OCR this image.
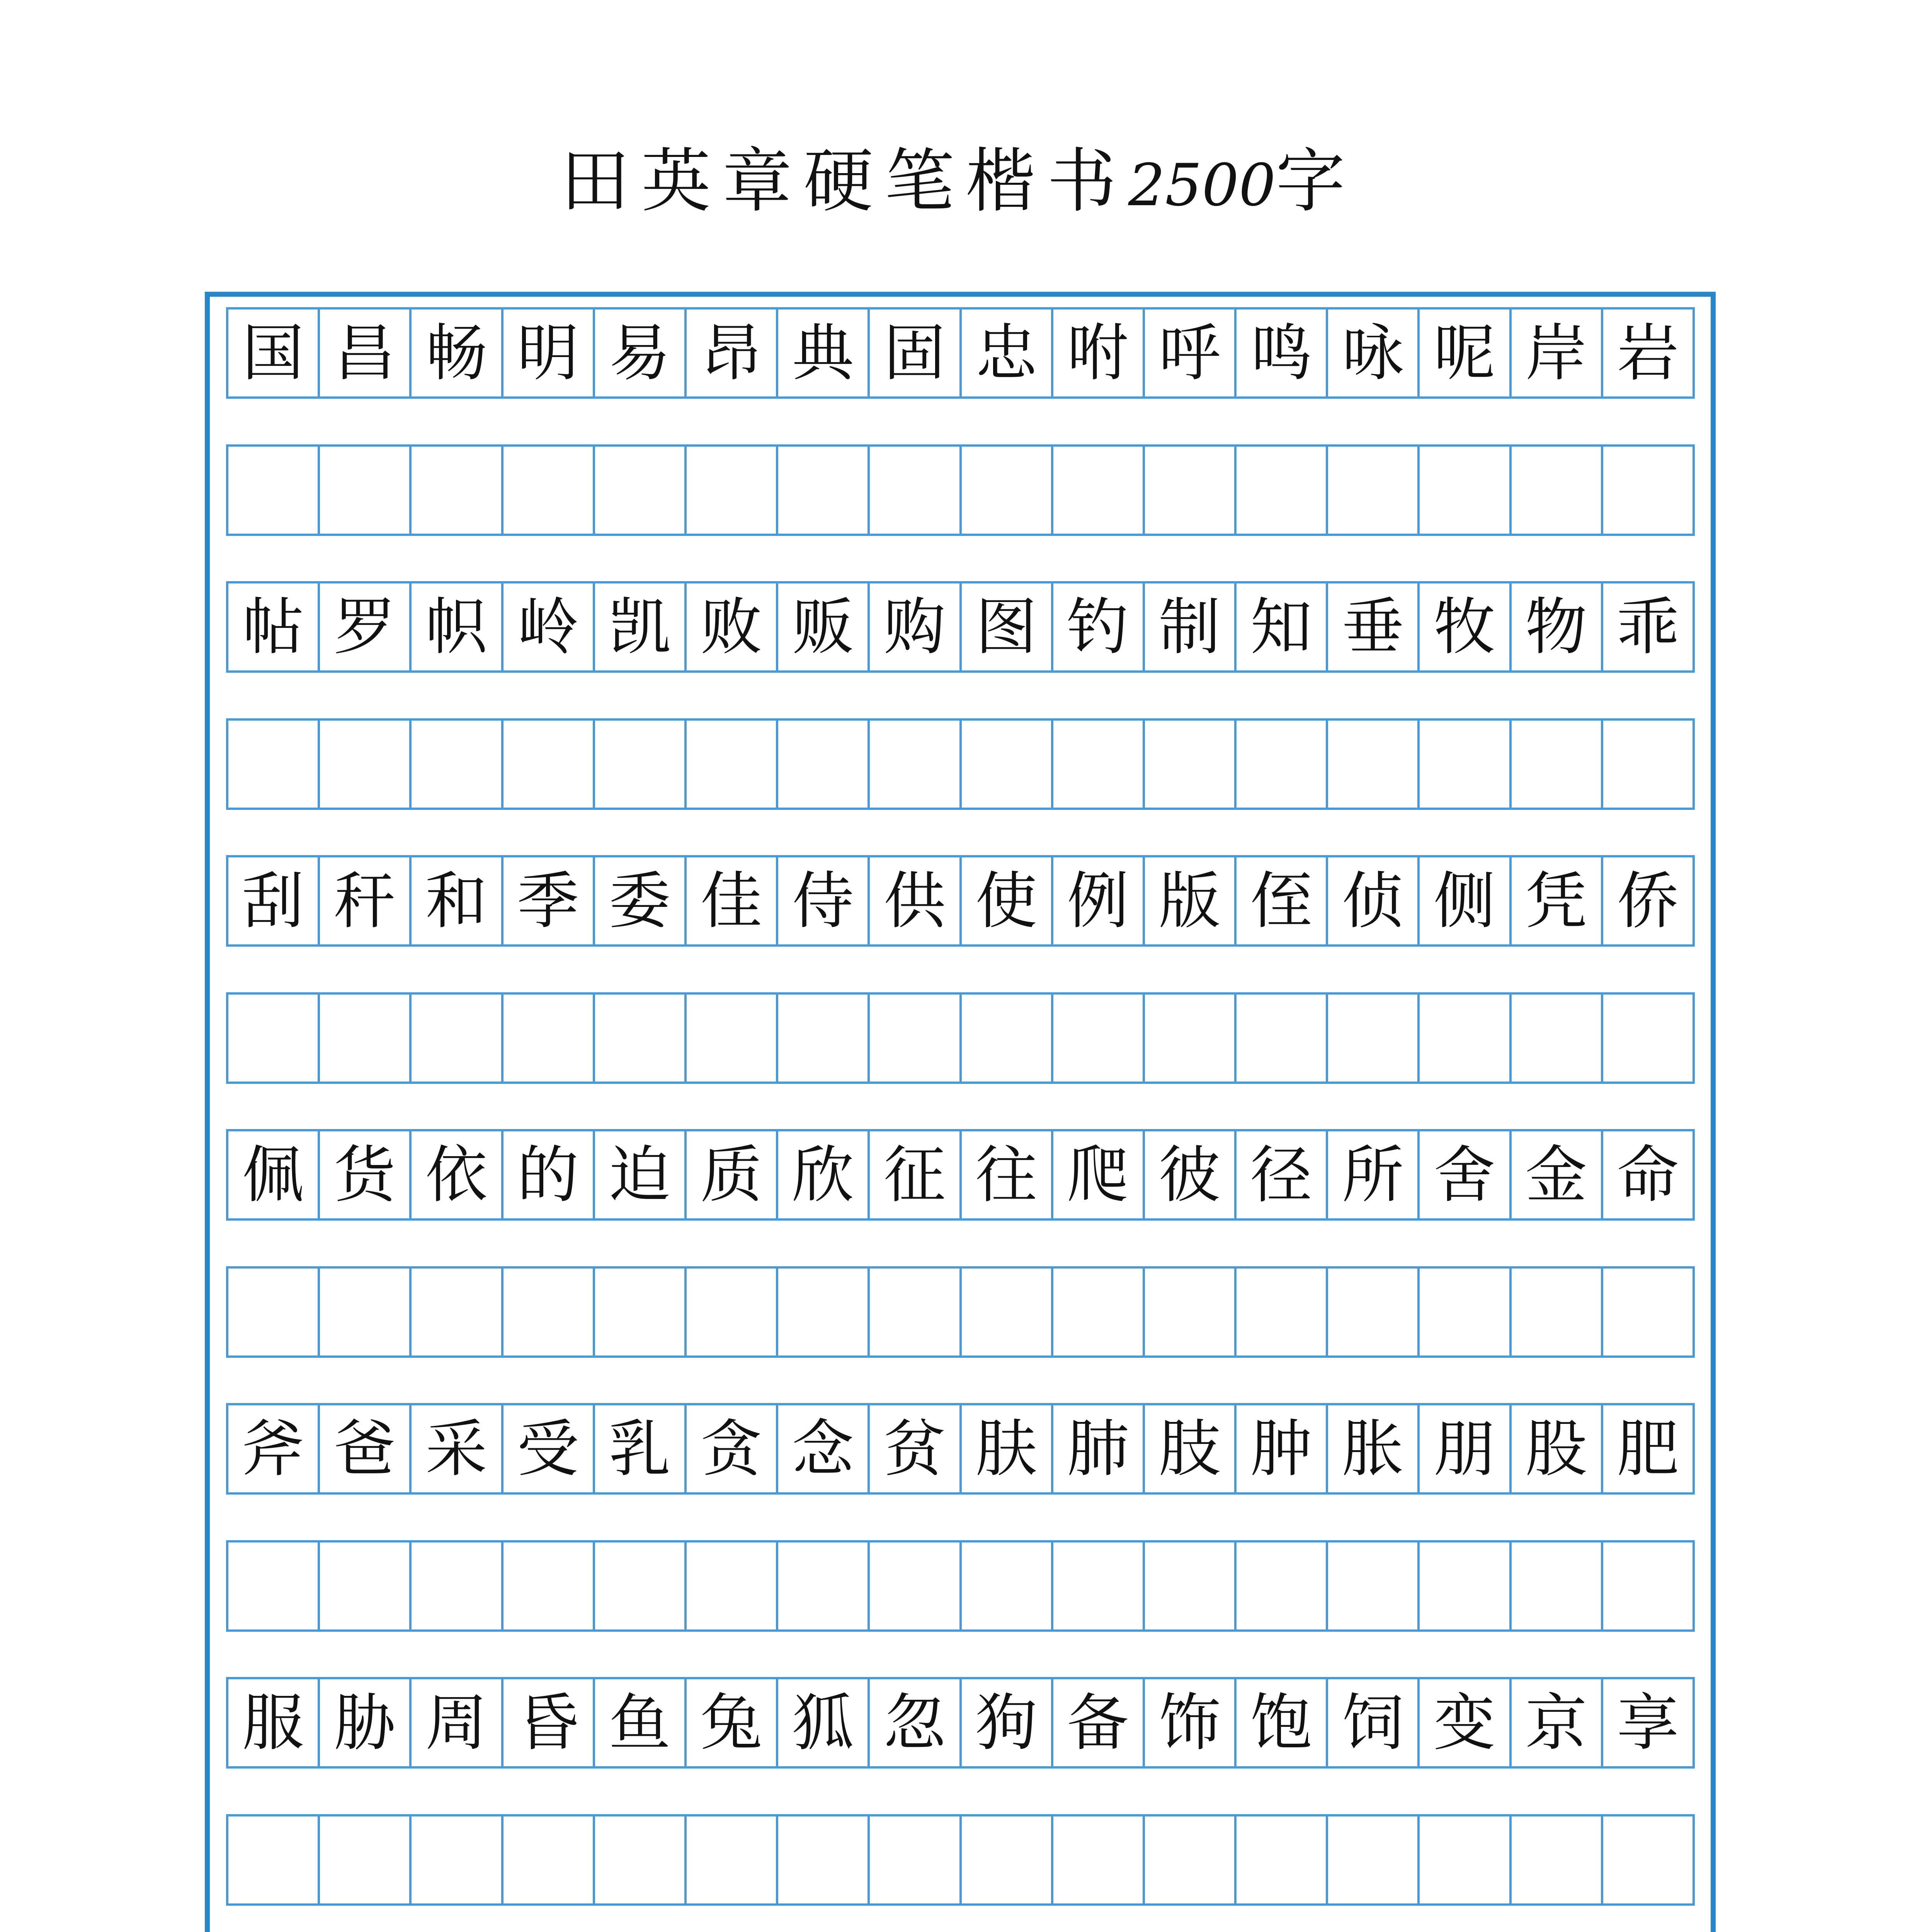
田英章硬笔楷书2500字
国 昌 畅 明 易 昂 典 固 忠 咐 呼 鸣 咏 呢 岸 岩
帖 罗 帜 岭 凯 败 贩 购 图 钓 制 知 垂 牧 物 乖
刮 秆 和 季 委 佳 侍 供 使 例 版 侄 侦 侧 凭 侨
佩 货 依 的 迫 质 欣 征 往 爬 彼 径 所 舍 金 命
斧 爸 采 受 乳 贪 念 贫 肤 肺 肢 肿 胀 朋 股 肥
服 胁 周 昏 鱼 兔 狐 忽 狗 备 饰 饱 饲 变 京 享
